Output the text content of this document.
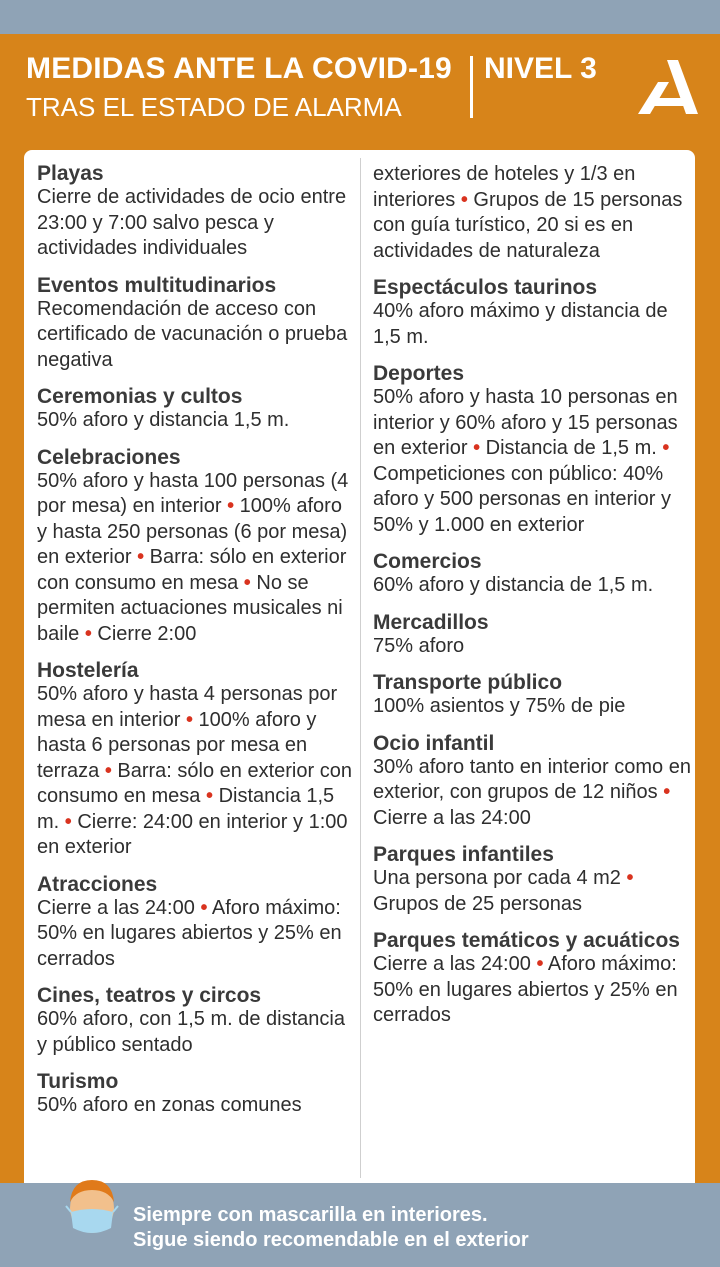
MEDIDAS ANTE LA COVID-19
TRAS EL ESTADO DE ALARMA
NIVEL 3
Playas

Cierre de actividades de ocio entre 23:00 y 7:00 salvo pesca y actividades individuales

Eventos multitudinarios

Recomendación de acceso con certificado de vacunación o prueba negativa

Ceremonias y cultos

50% aforo y distancia 1,5 m.

Celebraciones

50% aforo y hasta 100 personas (4 por mesa) en interior • 100% aforo y hasta 250 personas (6 por mesa) en exterior • Barra: sólo en exterior con consumo en mesa • No se permiten actuaciones musicales ni baile • Cierre 2:00

Hostelería

50% aforo y hasta 4 personas por mesa en interior • 100% aforo y hasta 6 personas por mesa en terraza • Barra: sólo en exterior con consumo en mesa • Distancia 1,5 m. • Cierre: 24:00 en interior y 1:00 en exterior

Atracciones

Cierre a las 24:00 • Aforo máximo: 50% en lugares abiertos y 25% en cerrados

Cines, teatros y circos

60% aforo, con 1,5 m. de distancia y público sentado

Turismo

50% aforo en zonas comunes

exteriores de hoteles y 1/3 en interiores • Grupos de 15 personas con guía turístico, 20 si es en actividades de naturaleza

Espectáculos taurinos

40% aforo máximo y distancia de 1,5 m.

Deportes

50% aforo y hasta 10 personas en interior y 60% aforo y 15 personas en exterior • Distancia de 1,5 m. • Competiciones con público: 40% aforo y 500 personas en interior y 50% y 1.000 en exterior

Comercios

60% aforo y distancia de 1,5 m.

Mercadillos

75% aforo

Transporte público

100% asientos y 75% de pie

Ocio infantil

30% aforo tanto en interior como en exterior, con grupos de 12 niños • Cierre a las 24:00

Parques infantiles

Una persona por cada 4 m2 • Grupos de 25 personas

Parques temáticos y acuáticos

Cierre a las 24:00 • Aforo máximo: 50% en lugares abiertos y 25% en cerrados

Siempre con mascarilla en interiores.
Sigue siendo recomendable en el exterior
